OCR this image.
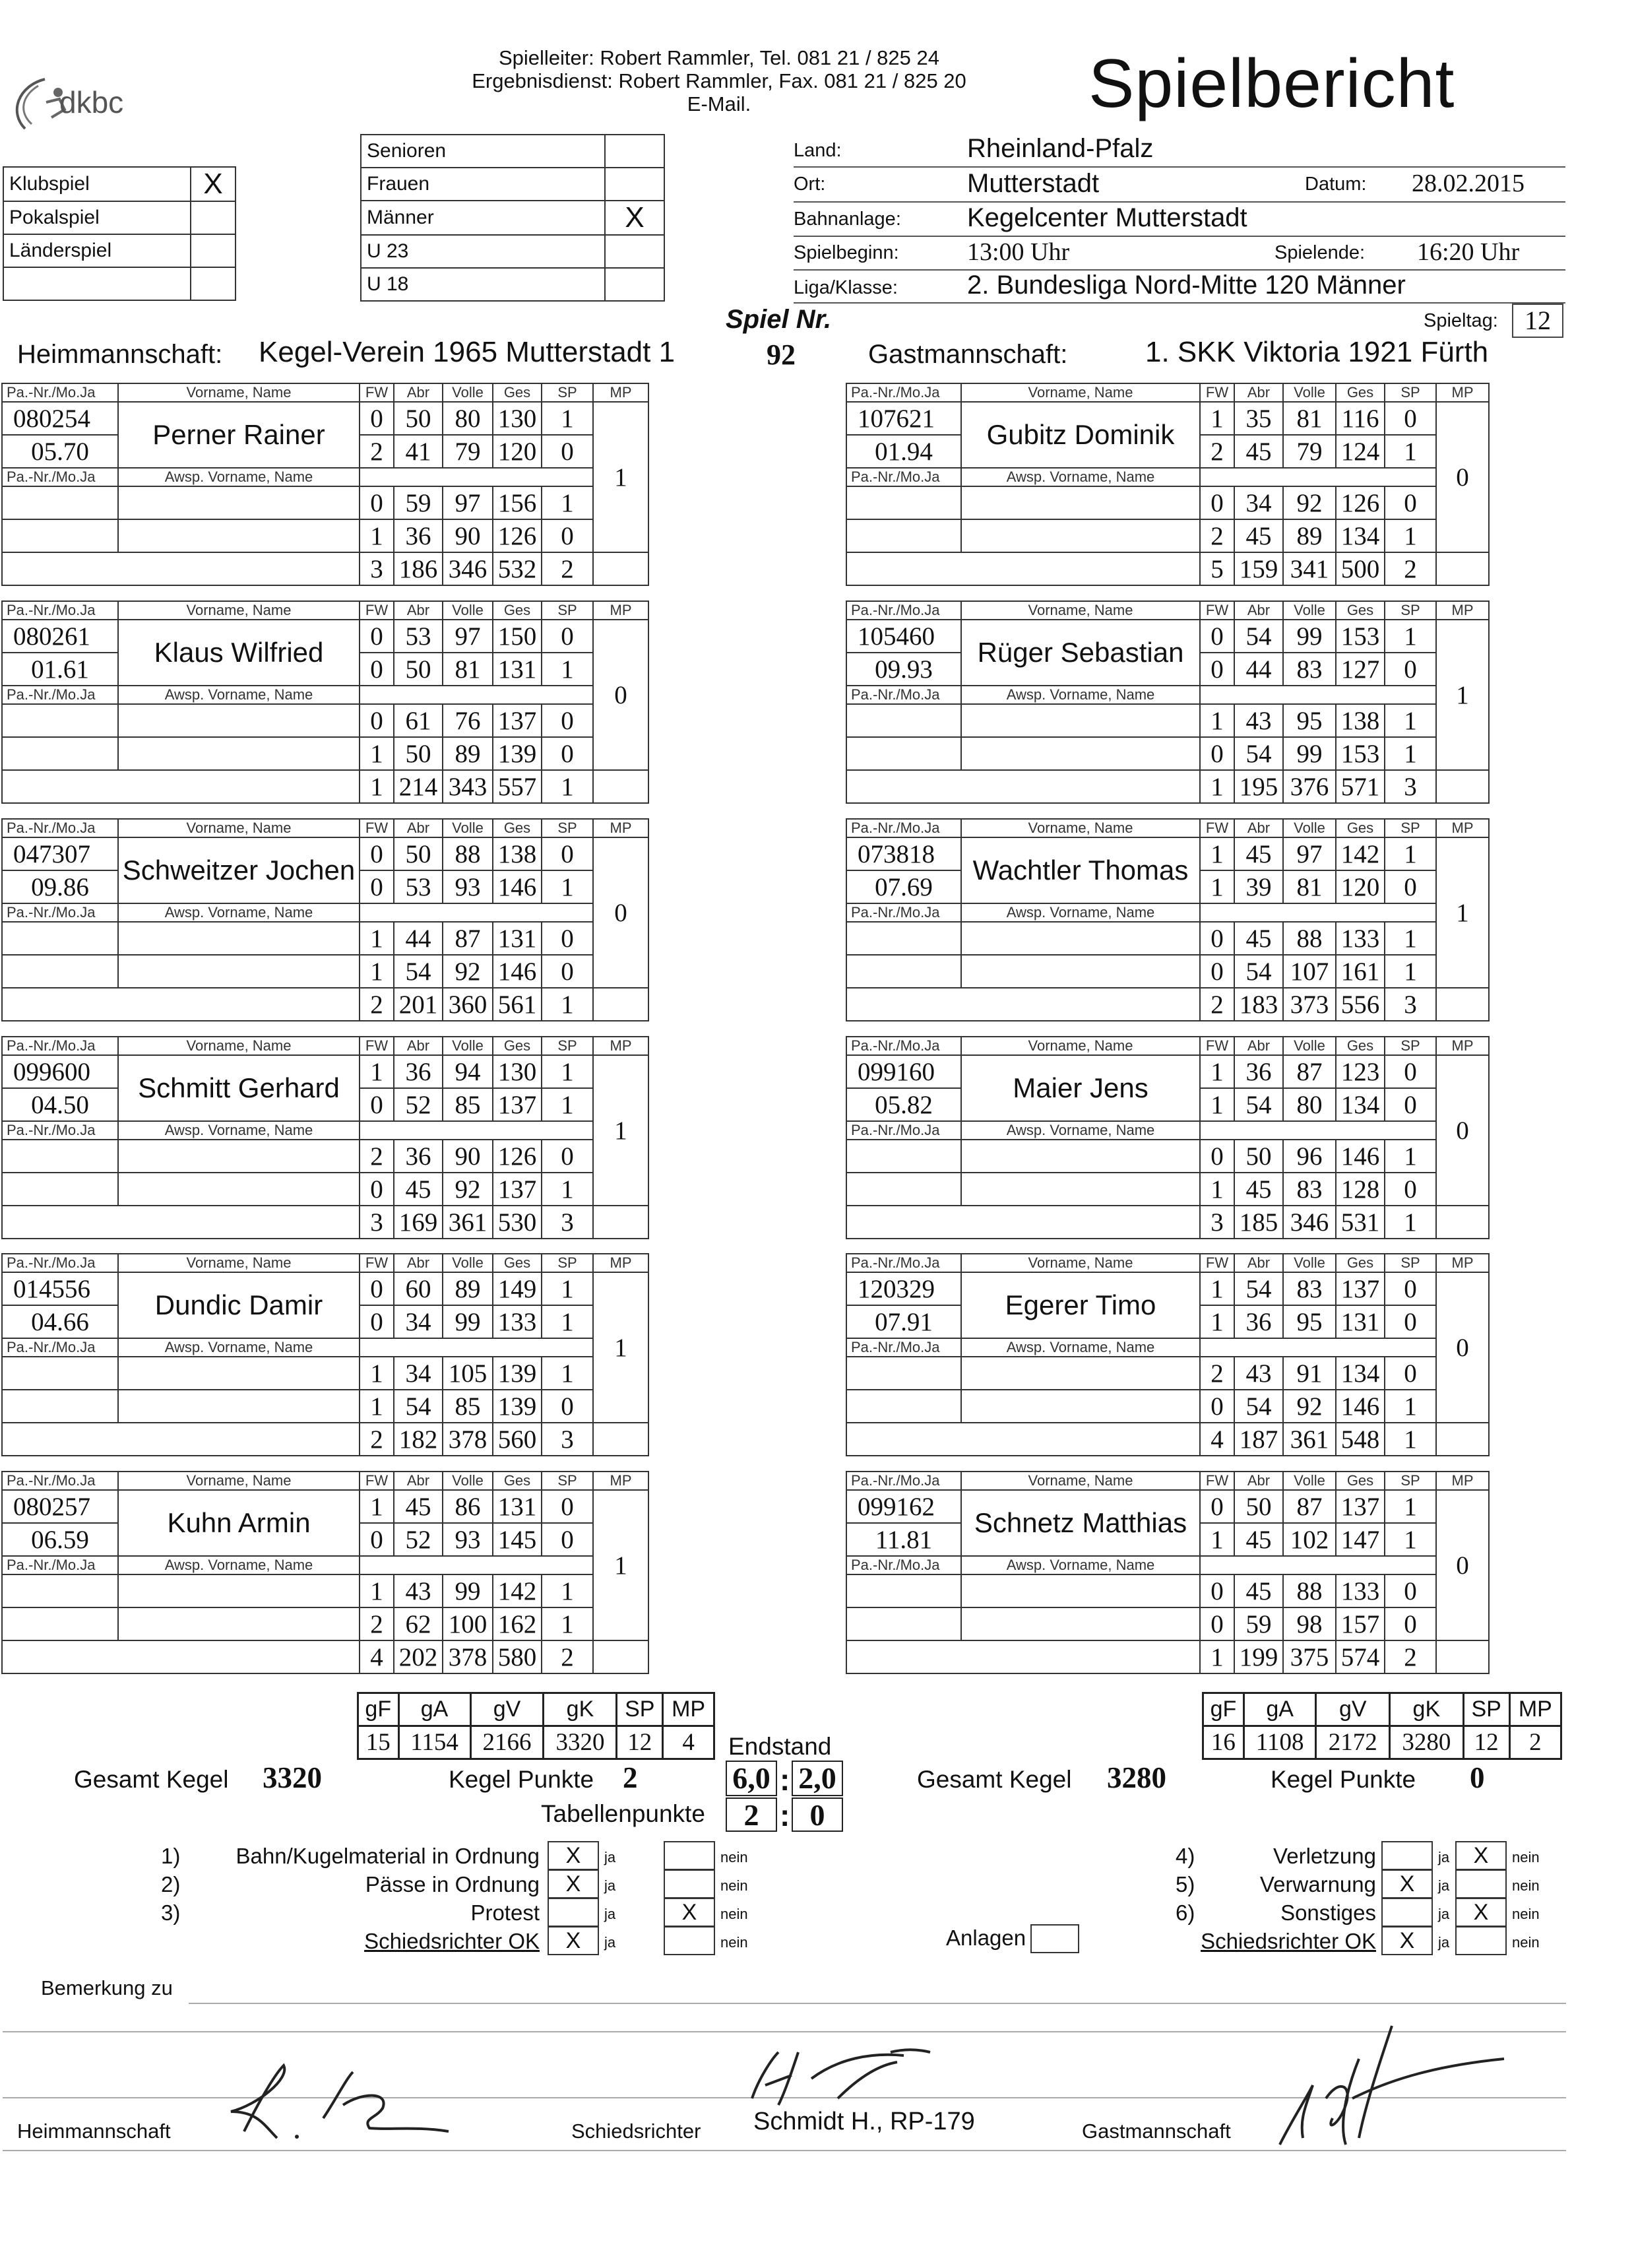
dkbc
Spielleiter: Robert Rammler, Tel. 081 21 / 825 24
Ergebnisdienst: Robert Rammler, Fax. 081 21 / 825 20
E-Mail.	Spielbericht
Klubspiel	X
Pokalspiel	
Länderspiel	

Senioren	
Frauen	
Männer	X
U 23	
U 18	
Land:	Rheinland-Pfalz
Ort:	Mutterstadt	Datum: 28.02.2015
Bahnanlage:	Kegelcenter Mutterstadt
Spielbeginn:	13:00 Uhr	Spielende: 16:20 Uhr
Liga/Klasse:	2. Bundesliga Nord-Mitte 120 Männer
Spiel Nr.
92
Spieltag:	12
Heimmannschaft: Kegel-Verein 1965 Mutterstadt 1	Gastmannschaft:	1. SKK Viktoria 1921 Fürth
Pa.-Nr./Mo.Ja	Vorname, Name	FW	Abr	Volle	Ges	SP	MP
080254	Perner Rainer	0	50	80	130	1	1
05.70		2	41	79	120	0	
Pa.-Nr./Mo.Ja	Awsp. Vorname, Name						
		0	59	97	156	1	
		1	36	90	126	0	
		3	186	346	532	2	
Pa.-Nr./Mo.Ja	Vorname, Name	FW	Abr	Volle	Ges	SP	MP
080261	Klaus Wilfried	0	53	97	150	0	0
01.61		0	50	81	131	1	
Pa.-Nr./Mo.Ja	Awsp. Vorname, Name						
		0	61	76	137	0	
		1	50	89	139	0	
		1	214	343	557	1	
Pa.-Nr./Mo.Ja	Vorname, Name	FW	Abr	Volle	Ges	SP	MP
047307	Schweitzer Jochen	0	50	88	138	0	0
09.86		0	53	93	146	1	
Pa.-Nr./Mo.Ja	Awsp. Vorname, Name						
		1	44	87	131	0	
		1	54	92	146	0	
		2	201	360	561	1	
Pa.-Nr./Mo.Ja	Vorname, Name	FW	Abr	Volle	Ges	SP	MP
099600	Schmitt Gerhard	1	36	94	130	1	1
04.50		0	52	85	137	1	
Pa.-Nr./Mo.Ja	Awsp. Vorname, Name						
		2	36	90	126	0	
		0	45	92	137	1	
		3	169	361	530	3	
Pa.-Nr./Mo.Ja	Vorname, Name	FW	Abr	Volle	Ges	SP	MP
014556	Dundic Damir	0	60	89	149	1	1
04.66		0	34	99	133	1	
Pa.-Nr./Mo.Ja	Awsp. Vorname, Name						
		1	34	105	139	1	
		1	54	85	139	0	
		2	182	378	560	3	
Pa.-Nr./Mo.Ja	Vorname, Name	FW	Abr	Volle	Ges	SP	MP
080257	Kuhn Armin	1	45	86	131	0	1
06.59		0	52	93	145	0	
Pa.-Nr./Mo.Ja	Awsp. Vorname, Name						
		1	43	99	142	1	
		2	62	100	162	1	
		4	202	378	580	2	
Pa.-Nr./Mo.Ja	Vorname, Name	FW	Abr	Volle	Ges	SP	MP
107621	Gubitz Dominik	1	35	81	116	0	0
01.94		2	45	79	124	1	
Pa.-Nr./Mo.Ja	Awsp. Vorname, Name						
		0	34	92	126	0	
		2	45	89	134	1	
		5	159	341	500	2	
Pa.-Nr./Mo.Ja	Vorname, Name	FW	Abr	Volle	Ges	SP	MP
105460	Rüger Sebastian	0	54	99	153	1	1
09.93		0	44	83	127	0	
Pa.-Nr./Mo.Ja	Awsp. Vorname, Name						
		1	43	95	138	1	
		0	54	99	153	1	
		1	195	376	571	3	
Pa.-Nr./Mo.Ja	Vorname, Name	FW	Abr	Volle	Ges	SP	MP
073818	Wachtler Thomas	1	45	97	142	1	1
07.69		1	39	81	120	0	
Pa.-Nr./Mo.Ja	Awsp. Vorname, Name						
		0	45	88	133	1	
		0	54	107	161	1	
		2	183	373	556	3	
Pa.-Nr./Mo.Ja	Vorname, Name	FW	Abr	Volle	Ges	SP	MP
099160	Maier Jens	1	36	87	123	0	0
05.82		1	54	80	134	0	
Pa.-Nr./Mo.Ja	Awsp. Vorname, Name						
		0	50	96	146	1	
		1	45	83	128	0	
		3	185	346	531	1	
Pa.-Nr./Mo.Ja	Vorname, Name	FW	Abr	Volle	Ges	SP	MP
120329	Egerer Timo	1	54	83	137	0	0
07.91		1	36	95	131	0	
Pa.-Nr./Mo.Ja	Awsp. Vorname, Name						
		2	43	91	134	0	
		0	54	92	146	1	
		4	187	361	548	1	
Pa.-Nr./Mo.Ja	Vorname, Name	FW	Abr	Volle	Ges	SP	MP
099162	Schnetz Matthias	0	50	87	137	1	0
11.81		1	45	102	147	1	
Pa.-Nr./Mo.Ja	Awsp. Vorname, Name						
		0	45	88	133	0	
		0	59	98	157	0	
		1	199	375	574	2	
gF	gA	gV	gK	SP	MP
15	1154	2166	3320	12	4
gF	gA	gV	gK	SP	MP
16	1108	2172	3280	12	2
Endstand
6,0 : 2,0
Tabellenpunkte	2 : 0
Gesamt Kegel 3320	Kegel Punkte 2	Gesamt Kegel 3280	Kegel Punkte 0
1)	Bahn/Kugelmaterial in Ordnung	X	ja	nein
2)	Pässe in Ordnung	X	ja	nein
3)	Protest	ja	X	nein
Schiedsrichter OK	X	ja	nein
4)	Verletzung	ja	X	nein
5)	Verwarnung	X	ja	nein
6)	Sonstiges	ja	X	nein
Schiedsrichter OK	X	ja	nein
Anlagen
Bemerkung zu
Heimmannschaft	Schiedsrichter Schmidt H., RP-179	Gastmannschaft
